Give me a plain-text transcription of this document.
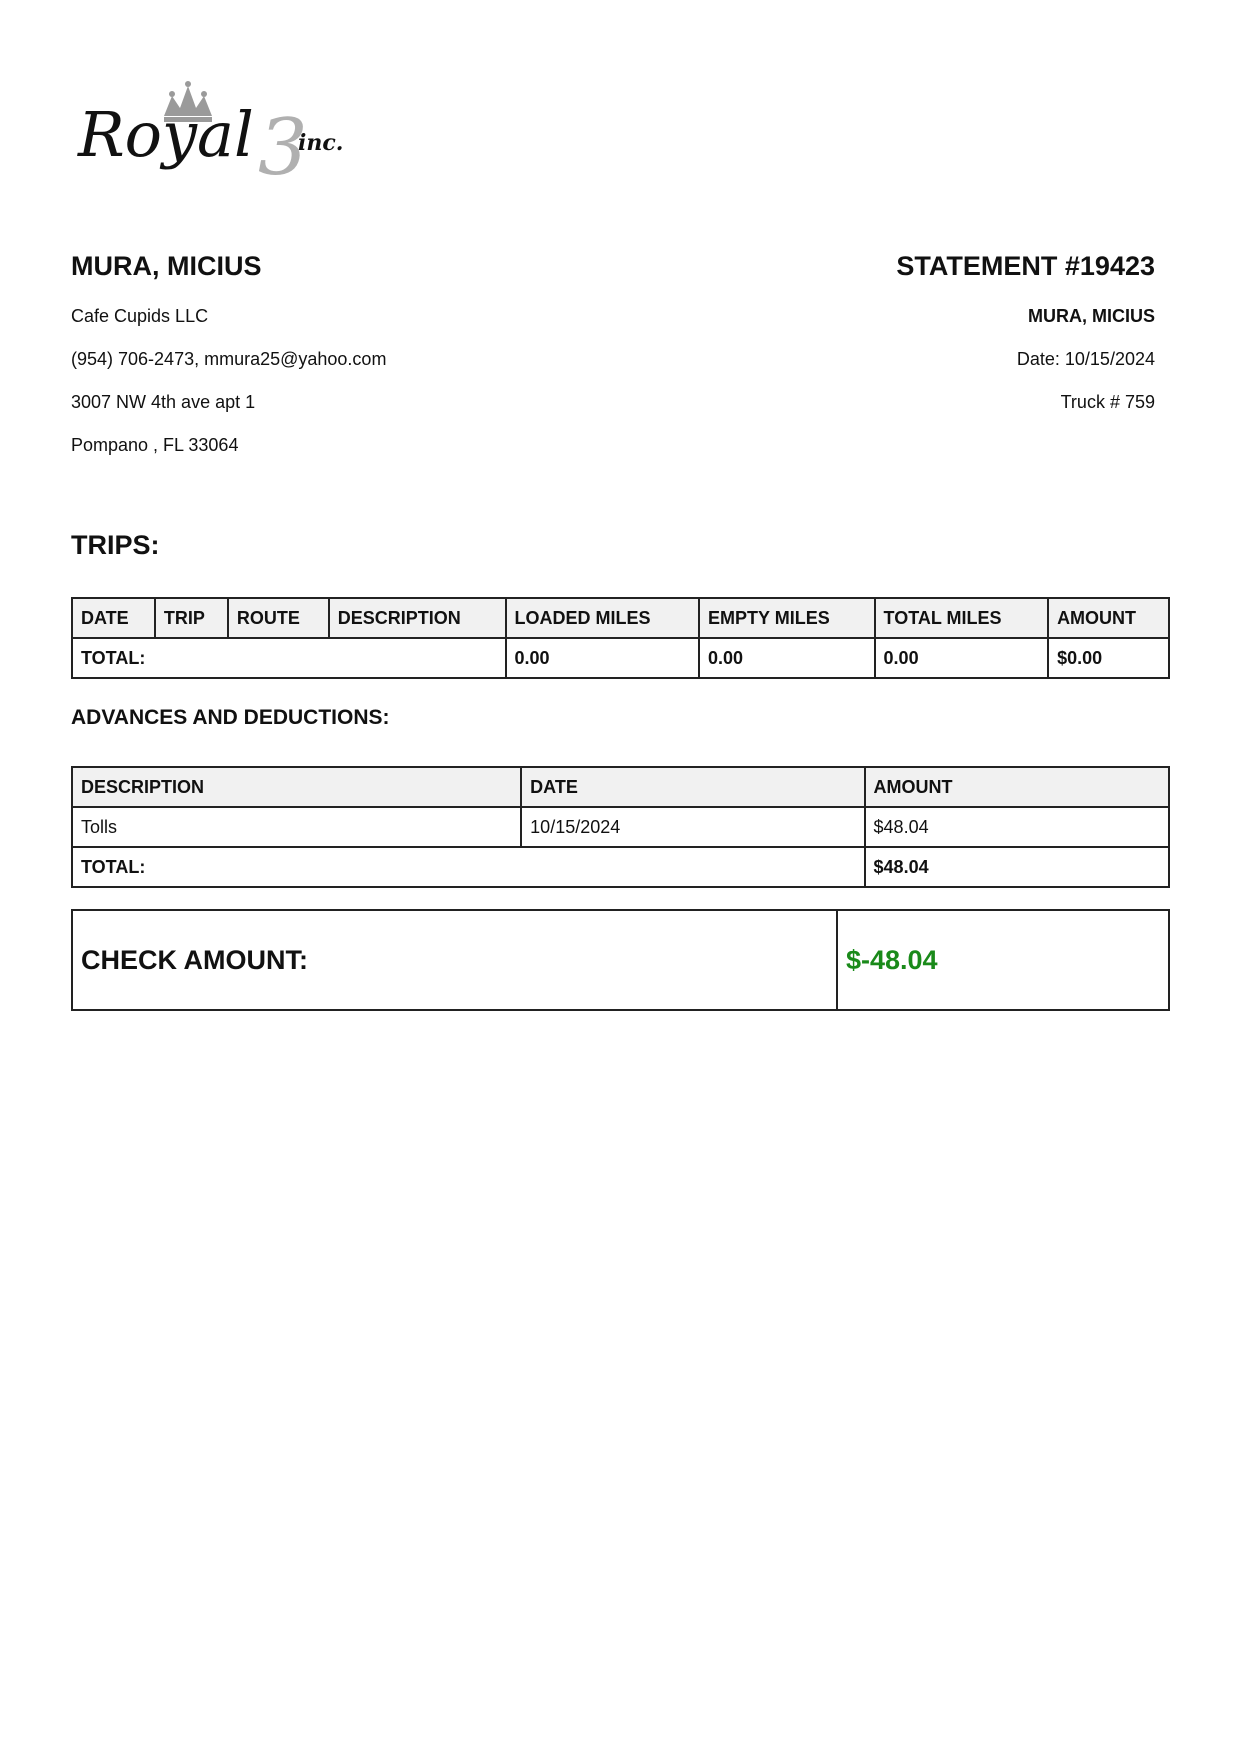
Royal 3
inc.
MURA, MICIUS
Cafe Cupids LLC
(954) 706-2473, mmura25@yahoo.com
3007 NW 4th ave apt 1
Pompano , FL 33064
STATEMENT #19423
MURA, MICIUS
Date: 10/15/2024
Truck # 759
TRIPS:
DATE	TRIP	ROUTE	DESCRIPTION	LOADED MILES	EMPTY MILES	TOTAL MILES	AMOUNT
TOTAL:				0.00	0.00	0.00	$0.00
ADVANCES AND DEDUCTIONS:
DESCRIPTION	DATE	AMOUNT
Tolls	10/15/2024	$48.04
TOTAL:		$48.04
CHECK AMOUNT:	$-48.04
